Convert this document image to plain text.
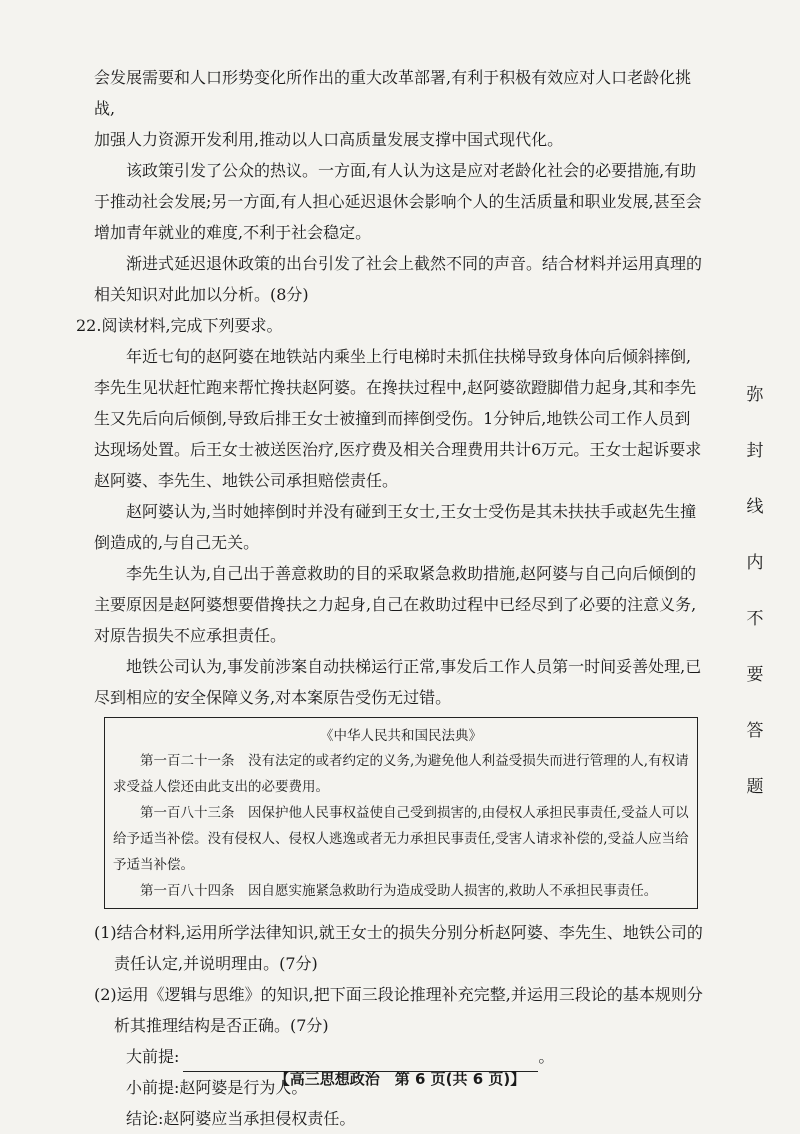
会发展需要和人口形势变化所作出的重大改革部署,有利于积极有效应对人口老龄化挑战,

加强人力资源开发利用,推动以人口高质量发展支撑中国式现代化。

该政策引发了公众的热议。一方面,有人认为这是应对老龄化社会的必要措施,有助于推动社会发展;另一方面,有人担心延迟退休会影响个人的生活质量和职业发展,甚至会增加青年就业的难度,不利于社会稳定。

渐进式延迟退休政策的出台引发了社会上截然不同的声音。结合材料并运用真理的相关知识对此加以分析。(8分)

22.阅读材料,完成下列要求。

年近七旬的赵阿婆在地铁站内乘坐上行电梯时未抓住扶梯导致身体向后倾斜摔倒,李先生见状赶忙跑来帮忙搀扶赵阿婆。在搀扶过程中,赵阿婆欲蹬脚借力起身,其和李先生又先后向后倾倒,导致后排王女士被撞到而摔倒受伤。1分钟后,地铁公司工作人员到达现场处置。后王女士被送医治疗,医疗费及相关合理费用共计6万元。王女士起诉要求赵阿婆、李先生、地铁公司承担赔偿责任。

赵阿婆认为,当时她摔倒时并没有碰到王女士,王女士受伤是其未扶扶手或赵先生撞倒造成的,与自己无关。

李先生认为,自己出于善意救助的目的采取紧急救助措施,赵阿婆与自己向后倾倒的主要原因是赵阿婆想要借搀扶之力起身,自己在救助过程中已经尽到了必要的注意义务,对原告损失不应承担责任。

地铁公司认为,事发前涉案自动扶梯运行正常,事发后工作人员第一时间妥善处理,已尽到相应的安全保障义务,对本案原告受伤无过错。

《中华人民共和国民法典》

第一百二十一条　没有法定的或者约定的义务,为避免他人利益受损失而进行管理的人,有权请求受益人偿还由此支出的必要费用。

第一百八十三条　因保护他人民事权益使自己受到损害的,由侵权人承担民事责任,受益人可以给予适当补偿。没有侵权人、侵权人逃逸或者无力承担民事责任,受害人请求补偿的,受益人应当给予适当补偿。

第一百八十四条　因自愿实施紧急救助行为造成受助人损害的,救助人不承担民事责任。

(1)结合材料,运用所学法律知识,就王女士的损失分别分析赵阿婆、李先生、地铁公司的责任认定,并说明理由。(7分)

(2)运用《逻辑与思维》的知识,把下面三段论推理补充完整,并运用三段论的基本规则分析其推理结构是否正确。(7分)

大前提:	。

小前提:赵阿婆是行为人。

结论:赵阿婆应当承担侵权责任。

弥
封
线
内
不
要
答
题
【高三思想政治　第 6 页(共 6 页)】
